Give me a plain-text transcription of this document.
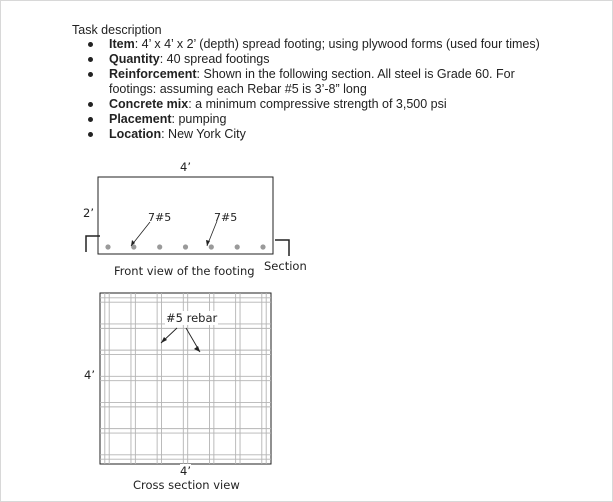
Task description
Item: 4’ x 4’ x 2’ (depth) spread footing; using plywood forms (used four times)
Quantity: 40 spread footings
Reinforcement: Shown in the following section. All steel is Grade 60. For
footings: assuming each Rebar #5 is 3’-8” long
Concrete mix: a minimum compressive strength of 3,500 psi
Placement: pumping
Location: New York City
4’
2’	7#5	7#5
Section
Front view of the footing
#5 rebar
4’
4’
Cross section view
